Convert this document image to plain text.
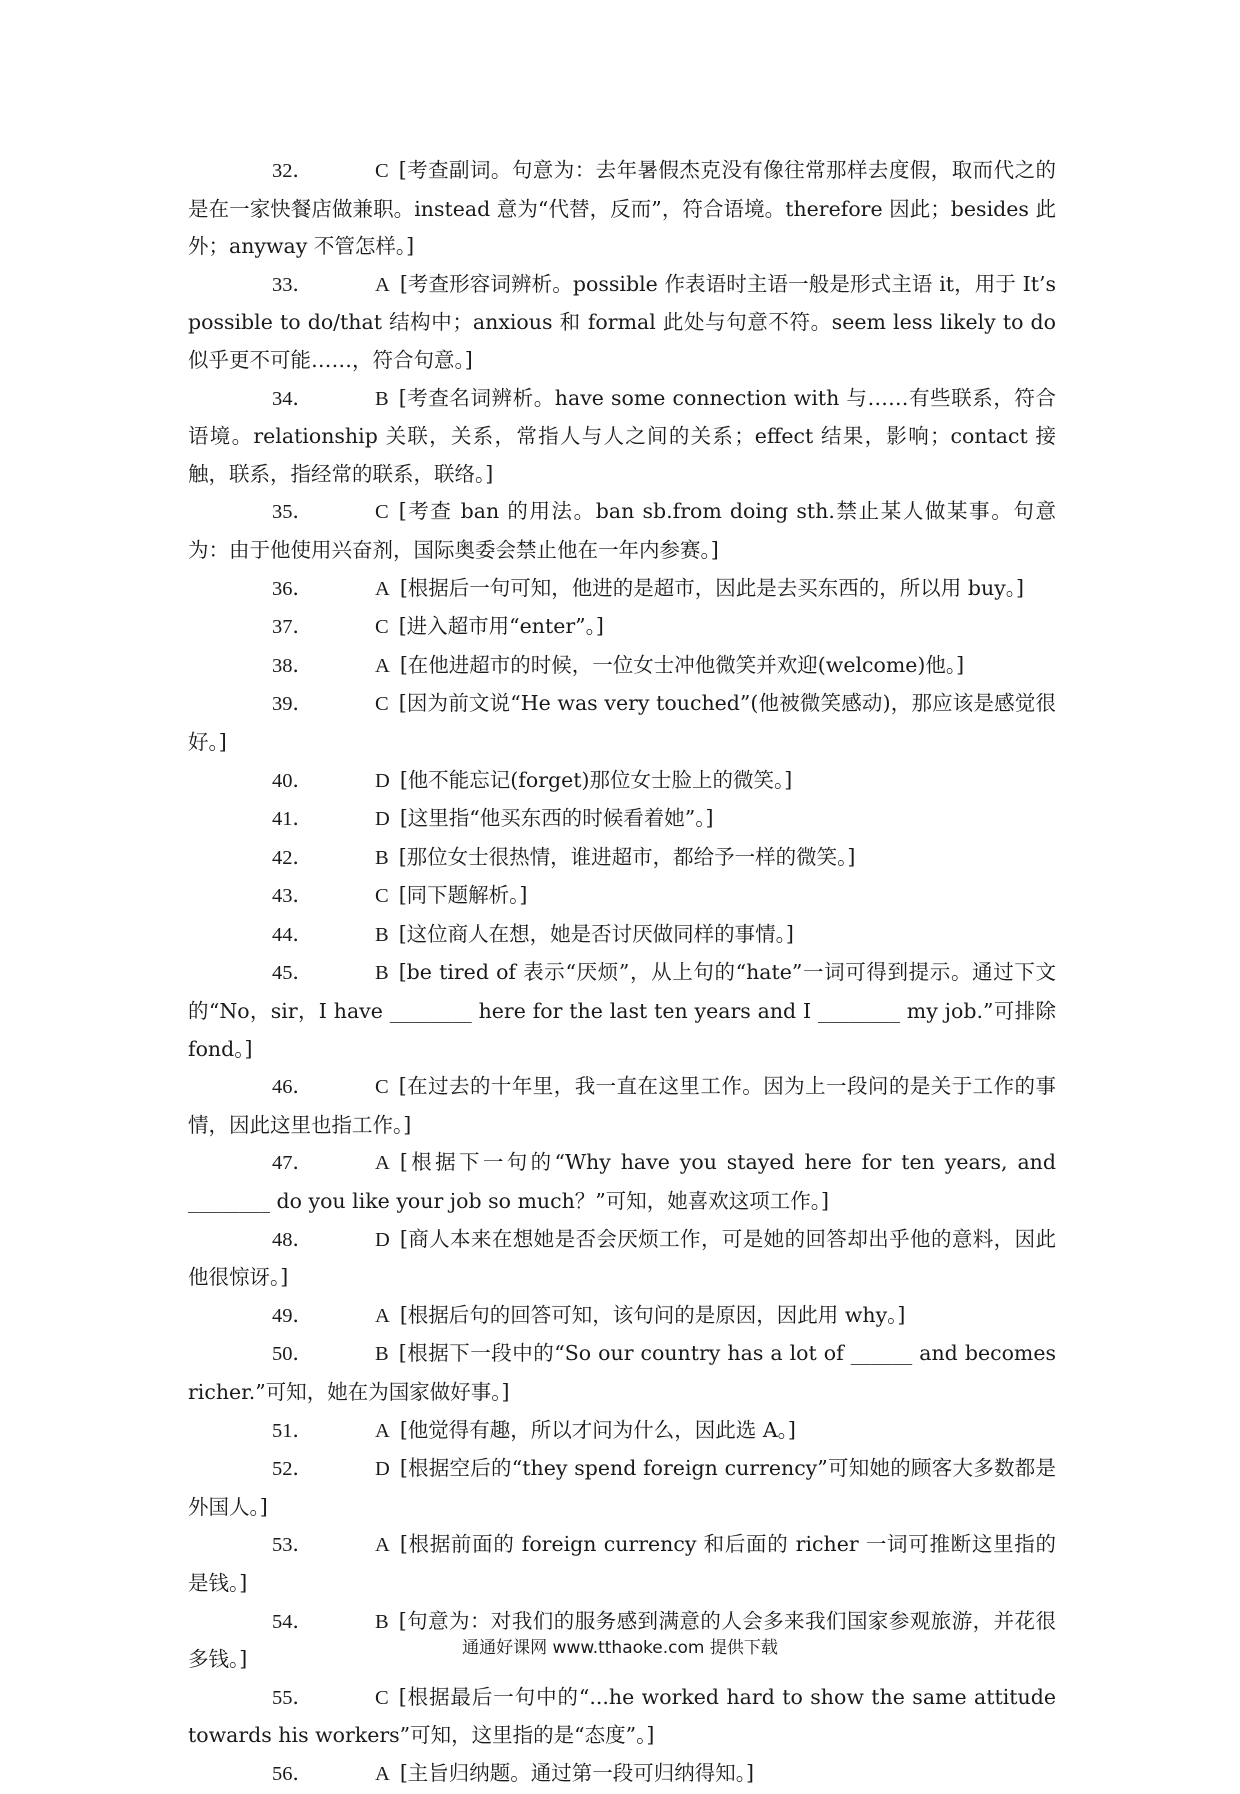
32．	C [考查副词。句意为：去年暑假杰克没有像往常那样去度假，取而代之的是在一家快餐店做兼职。instead 意为“代替，反而”，符合语境。therefore 因此；besides 此外；anyway 不管怎样。]

33．	A [考查形容词辨析。possible 作表语时主语一般是形式主语 it，用于 It’s possible to do/that 结构中；anxious 和 formal 此处与句意不符。seem less likely to do 似乎更不可能……，符合句意。]

34．	B [考查名词辨析。have some connection with 与……有些联系，符合语境。relationship 关联，关系，常指人与人之间的关系；effect 结果，影响；contact 接触，联系，指经常的联系，联络。]

35．	C [考查 ban 的用法。ban sb.from doing sth.禁止某人做某事。句意为：由于他使用兴奋剂，国际奥委会禁止他在一年内参赛。]

36．	A [根据后一句可知，他进的是超市，因此是去买东西的，所以用 buy。]

37．	C [进入超市用“enter”。]

38．	A [在他进超市的时候，一位女士冲他微笑并欢迎(welcome)他。]

39．	C [因为前文说“He was very touched”(他被微笑感动)，那应该是感觉很好。]

40．	D [他不能忘记(forget)那位女士脸上的微笑。]

41．	D [这里指“他买东西的时候看着她”。]

42．	B [那位女士很热情，谁进超市，都给予一样的微笑。]

43．	C [同下题解析。]

44．	B [这位商人在想，她是否讨厌做同样的事情。]

45．	B [be tired of 表示“厌烦”，从上句的“hate”一词可得到提示。通过下文的“No，sir，I have ________ here for the last ten years and I ________ my job.”可排除 fond。]

46．	C [在过去的十年里，我一直在这里工作。因为上一段问的是关于工作的事情，因此这里也指工作。]

47．	A [根据下一句的“Why have you stayed here for ten years, and ________ do you like your job so much？”可知，她喜欢这项工作。]

48．	D [商人本来在想她是否会厌烦工作，可是她的回答却出乎他的意料，因此他很惊讶。]

49．	A [根据后句的回答可知，该句问的是原因，因此用 why。]

50．	B [根据下一段中的“So our country has a lot of ______ and becomes richer.”可知，她在为国家做好事。]

51．	A [他觉得有趣，所以才问为什么，因此选 A。]

52．	D [根据空后的“they spend foreign currency”可知她的顾客大多数都是外国人。]

53．	A [根据前面的 foreign currency 和后面的 richer 一词可推断这里指的是钱。]

54．	B [句意为：对我们的服务感到满意的人会多来我们国家参观旅游，并花很多钱。]

55．	C [根据最后一句中的“...he worked hard to show the same attitude towards his workers”可知，这里指的是“态度”。]

56．	A [主旨归纳题。通过第一段可归纳得知。]

通通好课网 www.tthaoke.com 提供下载
